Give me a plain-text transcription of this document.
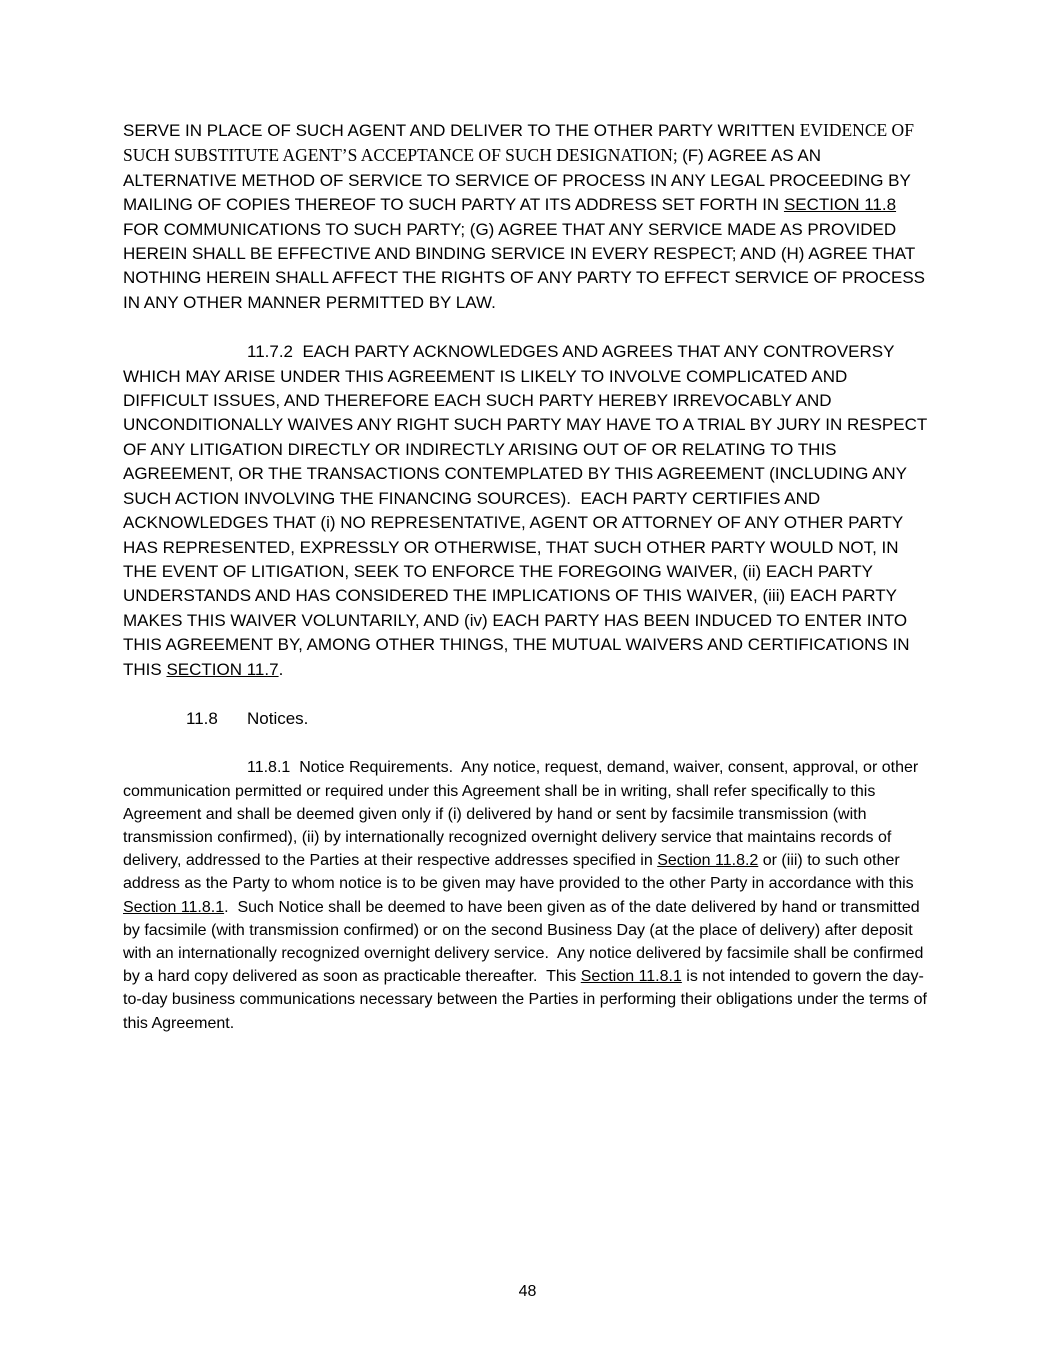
SERVE IN PLACE OF SUCH AGENT AND DELIVER TO THE OTHER PARTY WRITTEN EVIDENCE OF SUCH SUBSTITUTE AGENT’S ACCEPTANCE OF SUCH DESIGNATION; (F) AGREE AS AN ALTERNATIVE METHOD OF SERVICE TO SERVICE OF PROCESS IN ANY LEGAL PROCEEDING BY MAILING OF COPIES THEREOF TO SUCH PARTY AT ITS ADDRESS SET FORTH IN SECTION 11.8 FOR COMMUNICATIONS TO SUCH PARTY; (G) AGREE THAT ANY SERVICE MADE AS PROVIDED HEREIN SHALL BE EFFECTIVE AND BINDING SERVICE IN EVERY RESPECT; AND (H) AGREE THAT NOTHING HEREIN SHALL AFFECT THE RIGHTS OF ANY PARTY TO EFFECT SERVICE OF PROCESS IN ANY OTHER MANNER PERMITTED BY LAW.

11.7.2  EACH PARTY ACKNOWLEDGES AND AGREES THAT ANY CONTROVERSY WHICH MAY ARISE UNDER THIS AGREEMENT IS LIKELY TO INVOLVE COMPLICATED AND DIFFICULT ISSUES, AND THEREFORE EACH SUCH PARTY HEREBY IRREVOCABLY AND UNCONDITIONALLY WAIVES ANY RIGHT SUCH PARTY MAY HAVE TO A TRIAL BY JURY IN RESPECT OF ANY LITIGATION DIRECTLY OR INDIRECTLY ARISING OUT OF OR RELATING TO THIS AGREEMENT, OR THE TRANSACTIONS CONTEMPLATED BY THIS AGREEMENT (INCLUDING ANY SUCH ACTION INVOLVING THE FINANCING SOURCES).  EACH PARTY CERTIFIES AND ACKNOWLEDGES THAT (i) NO REPRESENTATIVE, AGENT OR ATTORNEY OF ANY OTHER PARTY HAS REPRESENTED, EXPRESSLY OR OTHERWISE, THAT SUCH OTHER PARTY WOULD NOT, IN THE EVENT OF LITIGATION, SEEK TO ENFORCE THE FOREGOING WAIVER, (ii) EACH PARTY UNDERSTANDS AND HAS CONSIDERED THE IMPLICATIONS OF THIS WAIVER, (iii) EACH PARTY MAKES THIS WAIVER VOLUNTARILY, AND (iv) EACH PARTY HAS BEEN INDUCED TO ENTER INTO THIS AGREEMENT BY, AMONG OTHER THINGS, THE MUTUAL WAIVERS AND CERTIFICATIONS IN THIS SECTION 11.7.

11.8 Notices.

11.8.1  Notice Requirements.  Any notice, request, demand, waiver, consent, approval, or other communication permitted or required under this Agreement shall be in writing, shall refer specifically to this Agreement and shall be deemed given only if (i) delivered by hand or sent by facsimile transmission (with transmission confirmed), (ii) by internationally recognized overnight delivery service that maintains records of delivery, addressed to the Parties at their respective addresses specified in Section 11.8.2 or (iii) to such other address as the Party to whom notice is to be given may have provided to the other Party in accordance with this Section 11.8.1.  Such Notice shall be deemed to have been given as of the date delivered by hand or transmitted by facsimile (with transmission confirmed) or on the second Business Day (at the place of delivery) after deposit with an internationally recognized overnight delivery service.  Any notice delivered by facsimile shall be confirmed by a hard copy delivered as soon as practicable thereafter.  This Section 11.8.1 is not intended to govern the day-to-day business communications necessary between the Parties in performing their obligations under the terms of this Agreement.

48
